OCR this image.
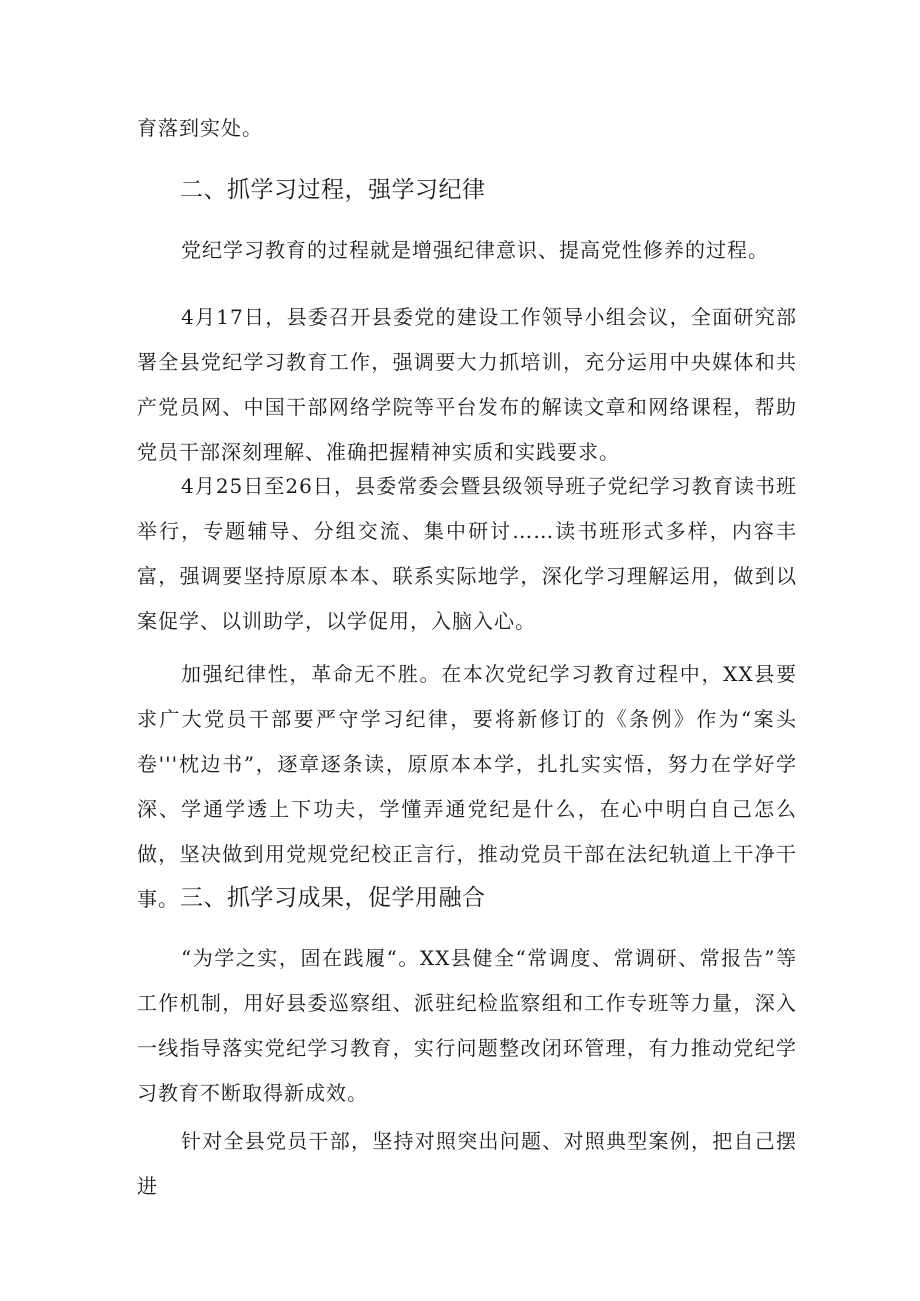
育落到实处。

二、抓学习过程，强学习纪律

党纪学习教育的过程就是增强纪律意识、提高党性修养的过程。

4月17日，县委召开县委党的建设工作领导小组会议，全面研究部署全县党纪学习教育工作，强调要大力抓培训，充分运用中央媒体和共产党员网、中国干部网络学院等平台发布的解读文章和网络课程，帮助党员干部深刻理解、准确把握精神实质和实践要求。

4月25日至26日，县委常委会暨县级领导班子党纪学习教育读书班举行，专题辅导、分组交流、集中研讨……读书班形式多样，内容丰富，强调要坚持原原本本、联系实际地学，深化学习理解运用，做到以案促学、以训助学，以学促用，入脑入心。

加强纪律性，革命无不胜。在本次党纪学习教育过程中，XX县要求广大党员干部要严守学习纪律，要将新修订的《条例》作为“案头卷'''枕边书”，逐章逐条读，原原本本学，扎扎实实悟，努力在学好学深、学通学透上下功夫，学懂弄通党纪是什么，在心中明白自己怎么做，坚决做到用党规党纪校正言行，推动党员干部在法纪轨道上干净干事。 三、抓学习成果，促学用融合

“为学之实，固在践履“。XX县健全“常调度、常调研、常报告”等工作机制，用好县委巡察组、派驻纪检监察组和工作专班等力量，深入一线指导落实党纪学习教育，实行问题整改闭环管理，有力推动党纪学习教育不断取得新成效。

针对全县党员干部，坚持对照突出问题、对照典型案例，把自己摆进
